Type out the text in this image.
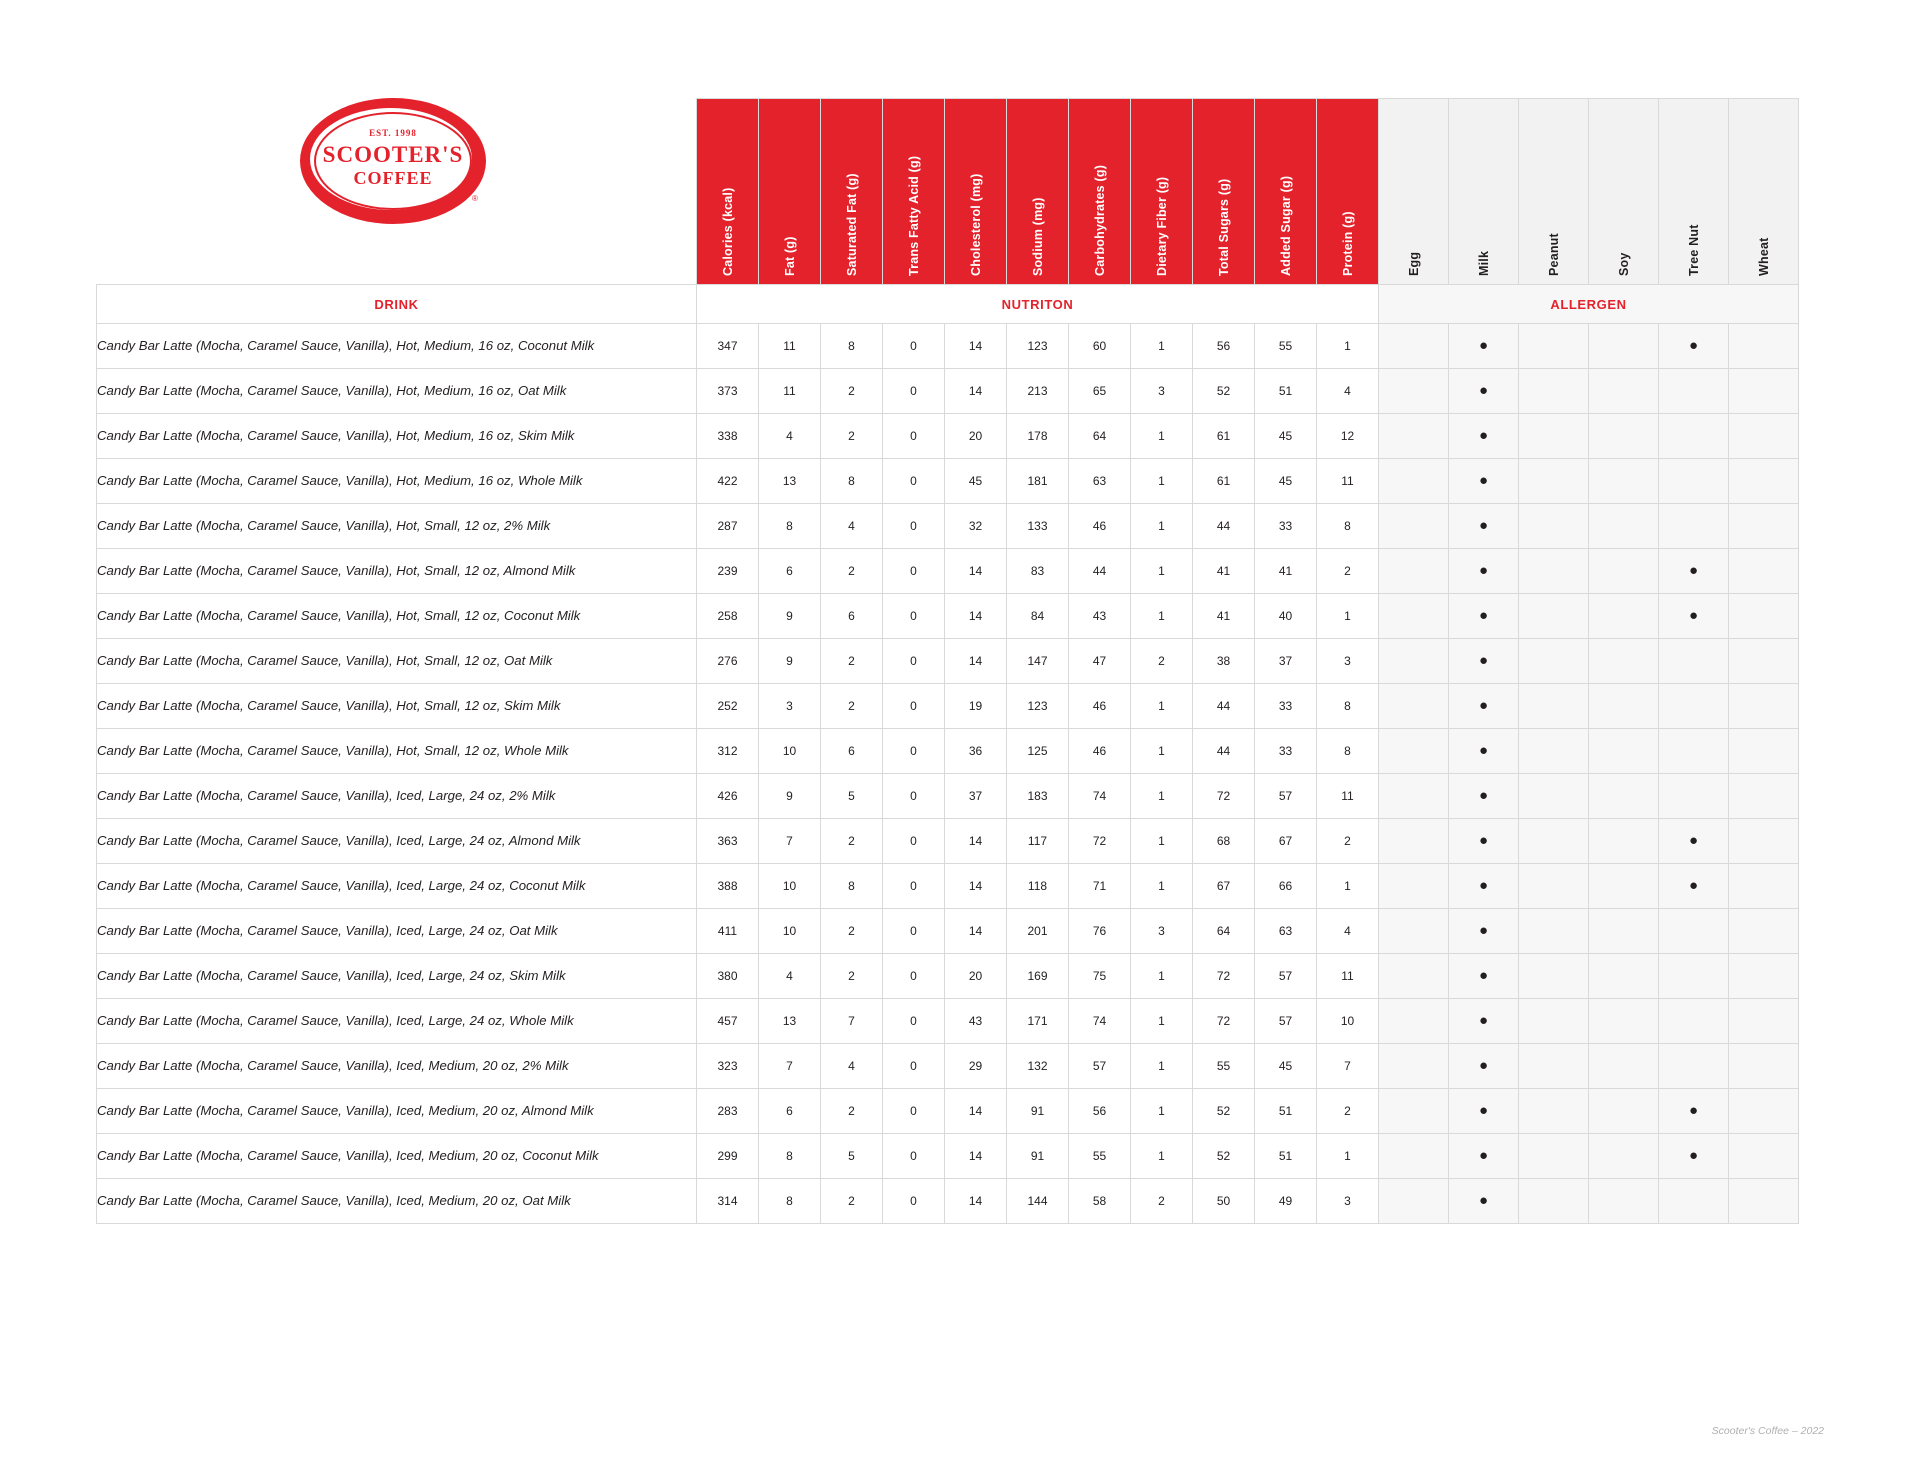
EST. 1998
SCOOTER'S
COFFEE
®

	Calories (kcal)	Fat (g)	Saturated Fat (g)	Trans Fatty Acid (g)	Cholesterol (mg)	Sodium (mg)	Carbohydrates (g)	Dietary Fiber (g)	Total Sugars (g)	Added Sugar (g)	Protein (g)	Egg	Milk	Peanut	Soy	Tree Nut	Wheat

DRINK	NUTRITON											ALLERGEN					
Candy Bar Latte (Mocha, Caramel Sauce, Vanilla), Hot, Medium, 16 oz, Coconut Milk	347	11	8	0	14	123	60	1	56	55	1		●			●	
Candy Bar Latte (Mocha, Caramel Sauce, Vanilla), Hot, Medium, 16 oz, Oat Milk	373	11	2	0	14	213	65	3	52	51	4		●				
Candy Bar Latte (Mocha, Caramel Sauce, Vanilla), Hot, Medium, 16 oz, Skim Milk	338	4	2	0	20	178	64	1	61	45	12		●				
Candy Bar Latte (Mocha, Caramel Sauce, Vanilla), Hot, Medium, 16 oz, Whole Milk	422	13	8	0	45	181	63	1	61	45	11		●				
Candy Bar Latte (Mocha, Caramel Sauce, Vanilla), Hot, Small, 12 oz, 2% Milk	287	8	4	0	32	133	46	1	44	33	8		●				
Candy Bar Latte (Mocha, Caramel Sauce, Vanilla), Hot, Small, 12 oz, Almond Milk	239	6	2	0	14	83	44	1	41	41	2		●			●	
Candy Bar Latte (Mocha, Caramel Sauce, Vanilla), Hot, Small, 12 oz, Coconut Milk	258	9	6	0	14	84	43	1	41	40	1		●			●	
Candy Bar Latte (Mocha, Caramel Sauce, Vanilla), Hot, Small, 12 oz, Oat Milk	276	9	2	0	14	147	47	2	38	37	3		●				
Candy Bar Latte (Mocha, Caramel Sauce, Vanilla), Hot, Small, 12 oz, Skim Milk	252	3	2	0	19	123	46	1	44	33	8		●				
Candy Bar Latte (Mocha, Caramel Sauce, Vanilla), Hot, Small, 12 oz, Whole Milk	312	10	6	0	36	125	46	1	44	33	8		●				
Candy Bar Latte (Mocha, Caramel Sauce, Vanilla), Iced, Large, 24 oz, 2% Milk	426	9	5	0	37	183	74	1	72	57	11		●				
Candy Bar Latte (Mocha, Caramel Sauce, Vanilla), Iced, Large, 24 oz, Almond Milk	363	7	2	0	14	117	72	1	68	67	2		●			●	
Candy Bar Latte (Mocha, Caramel Sauce, Vanilla), Iced, Large, 24 oz, Coconut Milk	388	10	8	0	14	118	71	1	67	66	1		●			●	
Candy Bar Latte (Mocha, Caramel Sauce, Vanilla), Iced, Large, 24 oz, Oat Milk	411	10	2	0	14	201	76	3	64	63	4		●				
Candy Bar Latte (Mocha, Caramel Sauce, Vanilla), Iced, Large, 24 oz, Skim Milk	380	4	2	0	20	169	75	1	72	57	11		●				
Candy Bar Latte (Mocha, Caramel Sauce, Vanilla), Iced, Large, 24 oz, Whole Milk	457	13	7	0	43	171	74	1	72	57	10		●				
Candy Bar Latte (Mocha, Caramel Sauce, Vanilla), Iced, Medium, 20 oz, 2% Milk	323	7	4	0	29	132	57	1	55	45	7		●				
Candy Bar Latte (Mocha, Caramel Sauce, Vanilla), Iced, Medium, 20 oz, Almond Milk	283	6	2	0	14	91	56	1	52	51	2		●			●	
Candy Bar Latte (Mocha, Caramel Sauce, Vanilla), Iced, Medium, 20 oz, Coconut Milk	299	8	5	0	14	91	55	1	52	51	1		●			●	
Candy Bar Latte (Mocha, Caramel Sauce, Vanilla), Iced, Medium, 20 oz, Oat Milk	314	8	2	0	14	144	58	2	50	49	3		●				
Scooter's Coffee – 2022
